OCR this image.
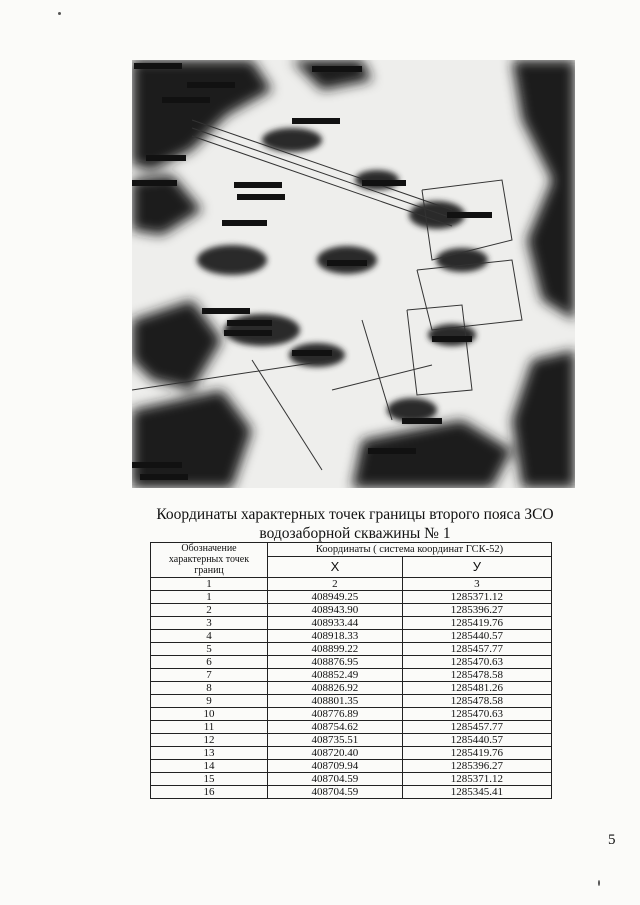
Координаты характерных точек границы второго пояса ЗСО
водозаборной скважины № 1
Обозначение характерных точек границ	Координаты ( система координат ГСК-52)	
	X	У
1	2	3
1	408949.25	1285371.12
2	408943.90	1285396.27
3	408933.44	1285419.76
4	408918.33	1285440.57
5	408899.22	1285457.77
6	408876.95	1285470.63
7	408852.49	1285478.58
8	408826.92	1285481.26
9	408801.35	1285478.58
10	408776.89	1285470.63
11	408754.62	1285457.77
12	408735.51	1285440.57
13	408720.40	1285419.76
14	408709.94	1285396.27
15	408704.59	1285371.12
16	408704.59	1285345.41
5
